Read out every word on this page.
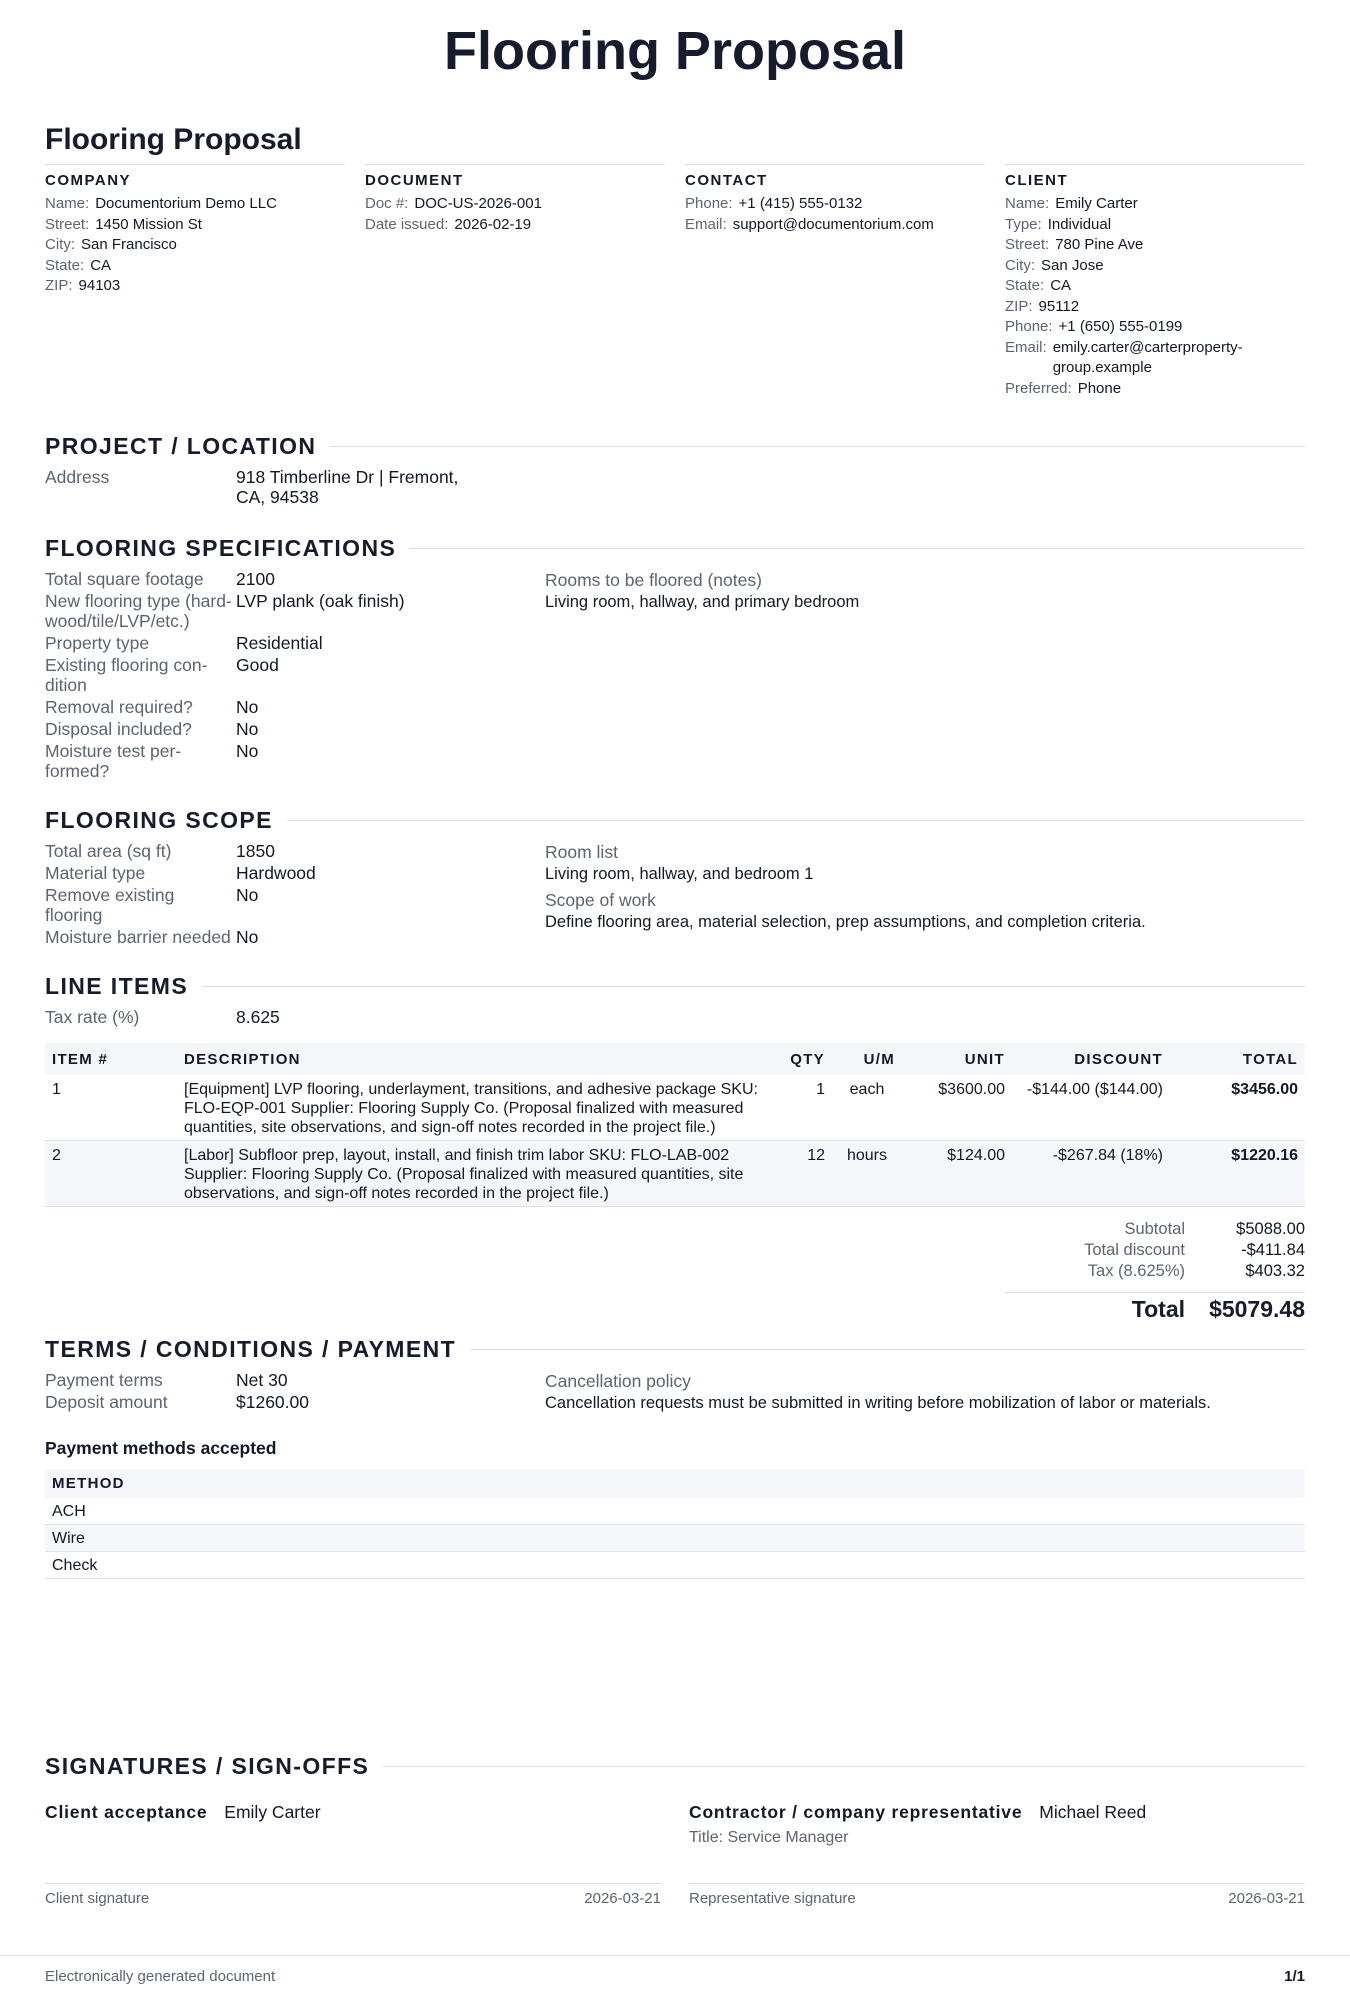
Flooring Proposal
Flooring Proposal
COMPANY
Name: Documentorium Demo LLC
Street: 1450 Mission St
City: San Francisco
State: CA
ZIP: 94103
DOCUMENT
Doc #: DOC-US-2026-001
Date issued: 2026-02-19
CONTACT
Phone: +1 (415) 555-0132
Email: support@documentorium.com
CLIENT
Name: Emily Carter
Type: Individual
Street: 780 Pine Ave
City: San Jose
State: CA
ZIP: 95112
Phone: +1 (650) 555-0199
Email: emily.carter@carterproperty-group.example
Preferred: Phone
PROJECT / LOCATION
Address	918 Timberline Dr | Fremont, CA, 94538
FLOORING SPECIFICATIONS
Total square footage	2100
New flooring type (hardwood/tile/LVP/etc.)
LVP plank (oak finish)
Property type	Residential
Existing flooring condition
Good
Removal required?	No
Disposal included?	No
Moisture test performed?
No
Rooms to be floored (notes)
Living room, hallway, and primary bedroom
FLOORING SCOPE
Total area (sq ft)	1850
Material type	Hardwood
Remove existing flooring
No
Moisture barrier needed No
Room list
Living room, hallway, and bedroom 1
Scope of work
Define flooring area, material selection, prep assumptions, and completion criteria.
LINE ITEMS
Tax rate (%)	8.625
ITEM #	DESCRIPTION	QTY	U/M	UNIT	DISCOUNT	TOTAL
1	[Equipment] LVP flooring, underlayment, transitions, and adhesive package SKU: FLO-EQP-001 Supplier: Flooring Supply Co. (Proposal finalized with measured quantities, site observations, and sign-off notes recorded in the project file.)	1	each	$3600.00	-$144.00 ($144.00)	$3456.00
2	[Labor] Subfloor prep, layout, install, and finish trim labor SKU: FLO-LAB-002 Supplier: Flooring Supply Co. (Proposal finalized with measured quantities, site observations, and sign-off notes recorded in the project file.)	12	hours	$124.00	-$267.84 (18%)	$1220.16
Subtotal	$5088.00
Total discount	-$411.84
Tax (8.625%)	$403.32
Total $5079.48
TERMS / CONDITIONS / PAYMENT
Payment terms	Net 30
Deposit amount	$1260.00
Cancellation policy
Cancellation requests must be submitted in writing before mobilization of labor or materials.
Payment methods accepted
METHOD
ACH
Wire
Check
SIGNATURES / SIGN-OFFS
Client acceptance Emily Carter
Client signature	2026-03-21
Contractor / company representative Michael Reed
Title: Service Manager
Representative signature	2026-03-21
Electronically generated document	1/1
